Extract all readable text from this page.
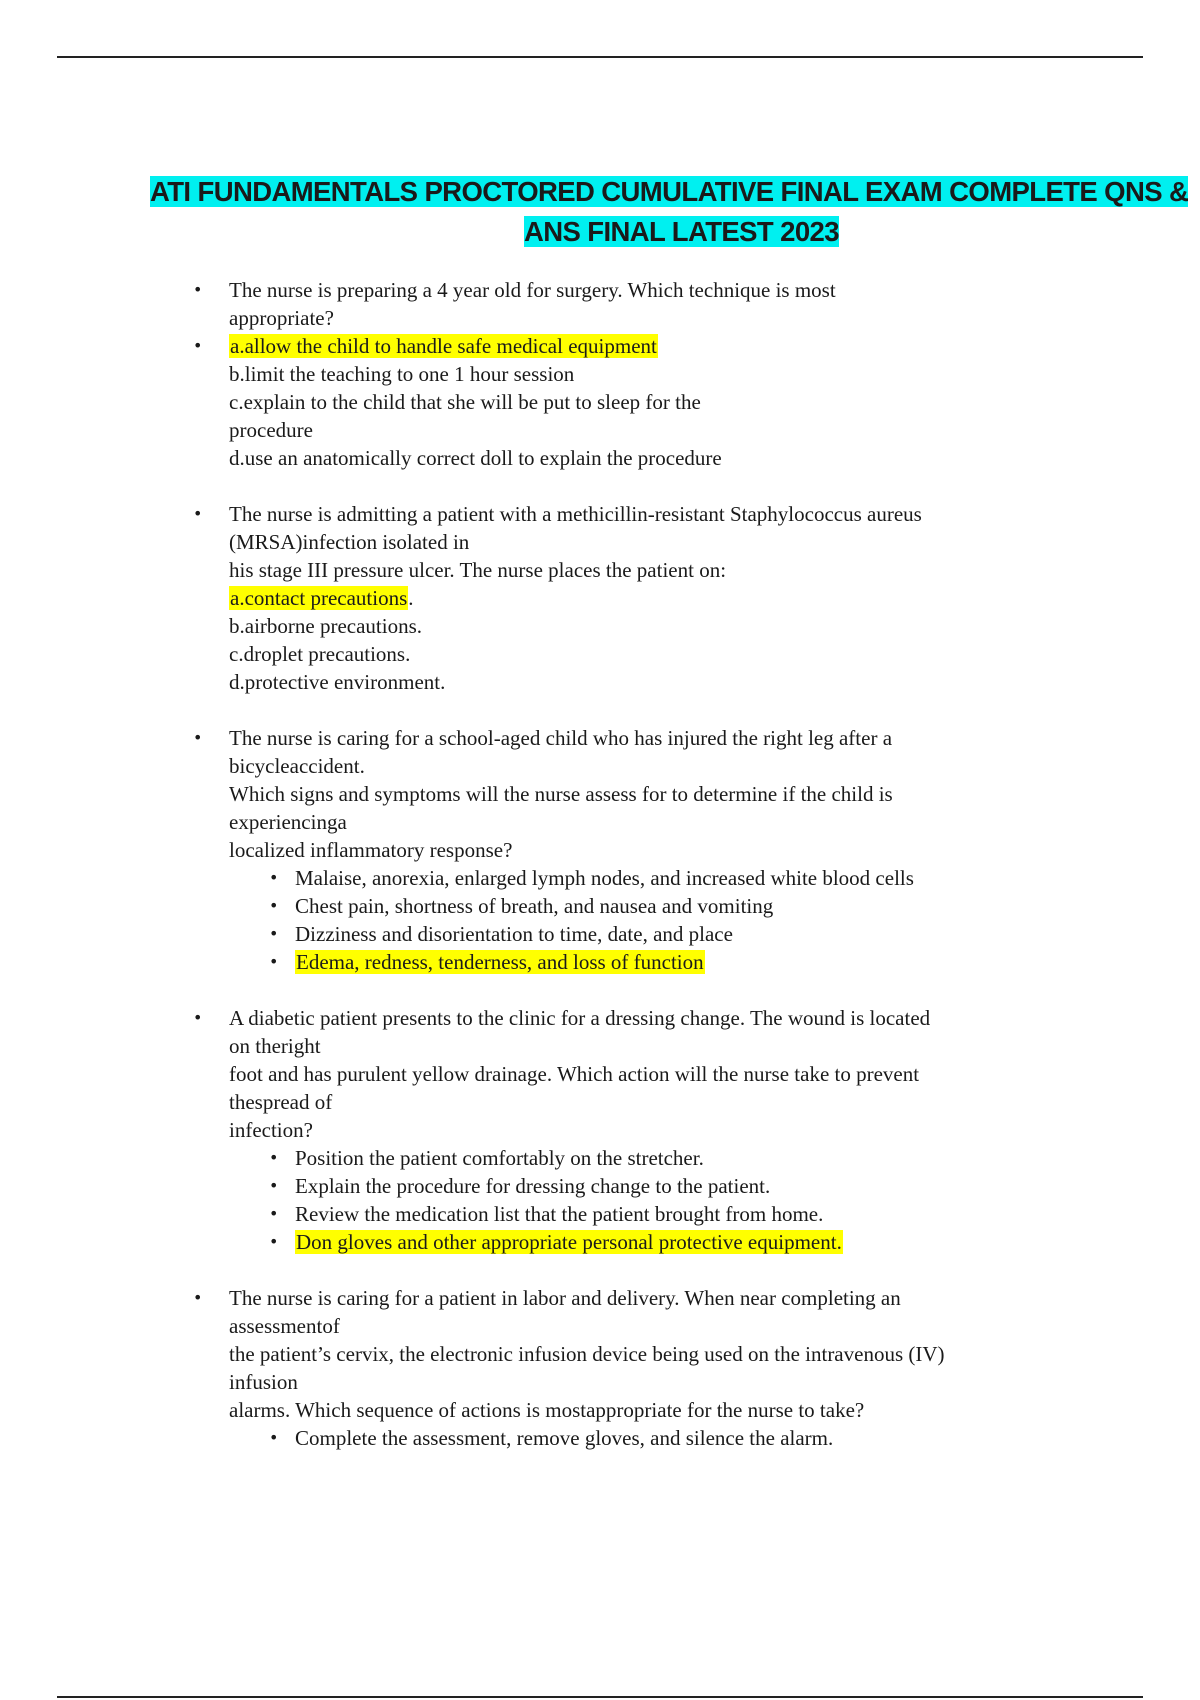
ATI FUNDAMENTALS PROCTORED CUMULATIVE FINAL EXAM COMPLETE QNS &
ANS FINAL LATEST 2023
• The nurse is preparing a 4 year old for surgery. Which technique is most
appropriate?
• a.allow the child to handle safe medical equipment
b.limit the teaching to one 1 hour session
c.explain to the child that she will be put to sleep for the
procedure
d.use an anatomically correct doll to explain the procedure
• The nurse is admitting a patient with a methicillin-resistant Staphylococcus aureus
(MRSA)infection isolated in
his stage III pressure ulcer. The nurse places the patient on:
a.contact precautions.
b.airborne precautions.
c.droplet precautions.
d.protective environment.
• The nurse is caring for a school-aged child who has injured the right leg after a
bicycleaccident.
Which signs and symptoms will the nurse assess for to determine if the child is
experiencinga
localized inflammatory response?
• Malaise, anorexia, enlarged lymph nodes, and increased white blood cells
• Chest pain, shortness of breath, and nausea and vomiting
• Dizziness and disorientation to time, date, and place
• Edema, redness, tenderness, and loss of function
• A diabetic patient presents to the clinic for a dressing change. The wound is located
on theright
foot and has purulent yellow drainage. Which action will the nurse take to prevent
thespread of
infection?
• Position the patient comfortably on the stretcher.
• Explain the procedure for dressing change to the patient.
• Review the medication list that the patient brought from home.
• Don gloves and other appropriate personal protective equipment.
• The nurse is caring for a patient in labor and delivery. When near completing an
assessmentof
the patient’s cervix, the electronic infusion device being used on the intravenous (IV)
infusion
alarms. Which sequence of actions is mostappropriate for the nurse to take?
• Complete the assessment, remove gloves, and silence the alarm.
